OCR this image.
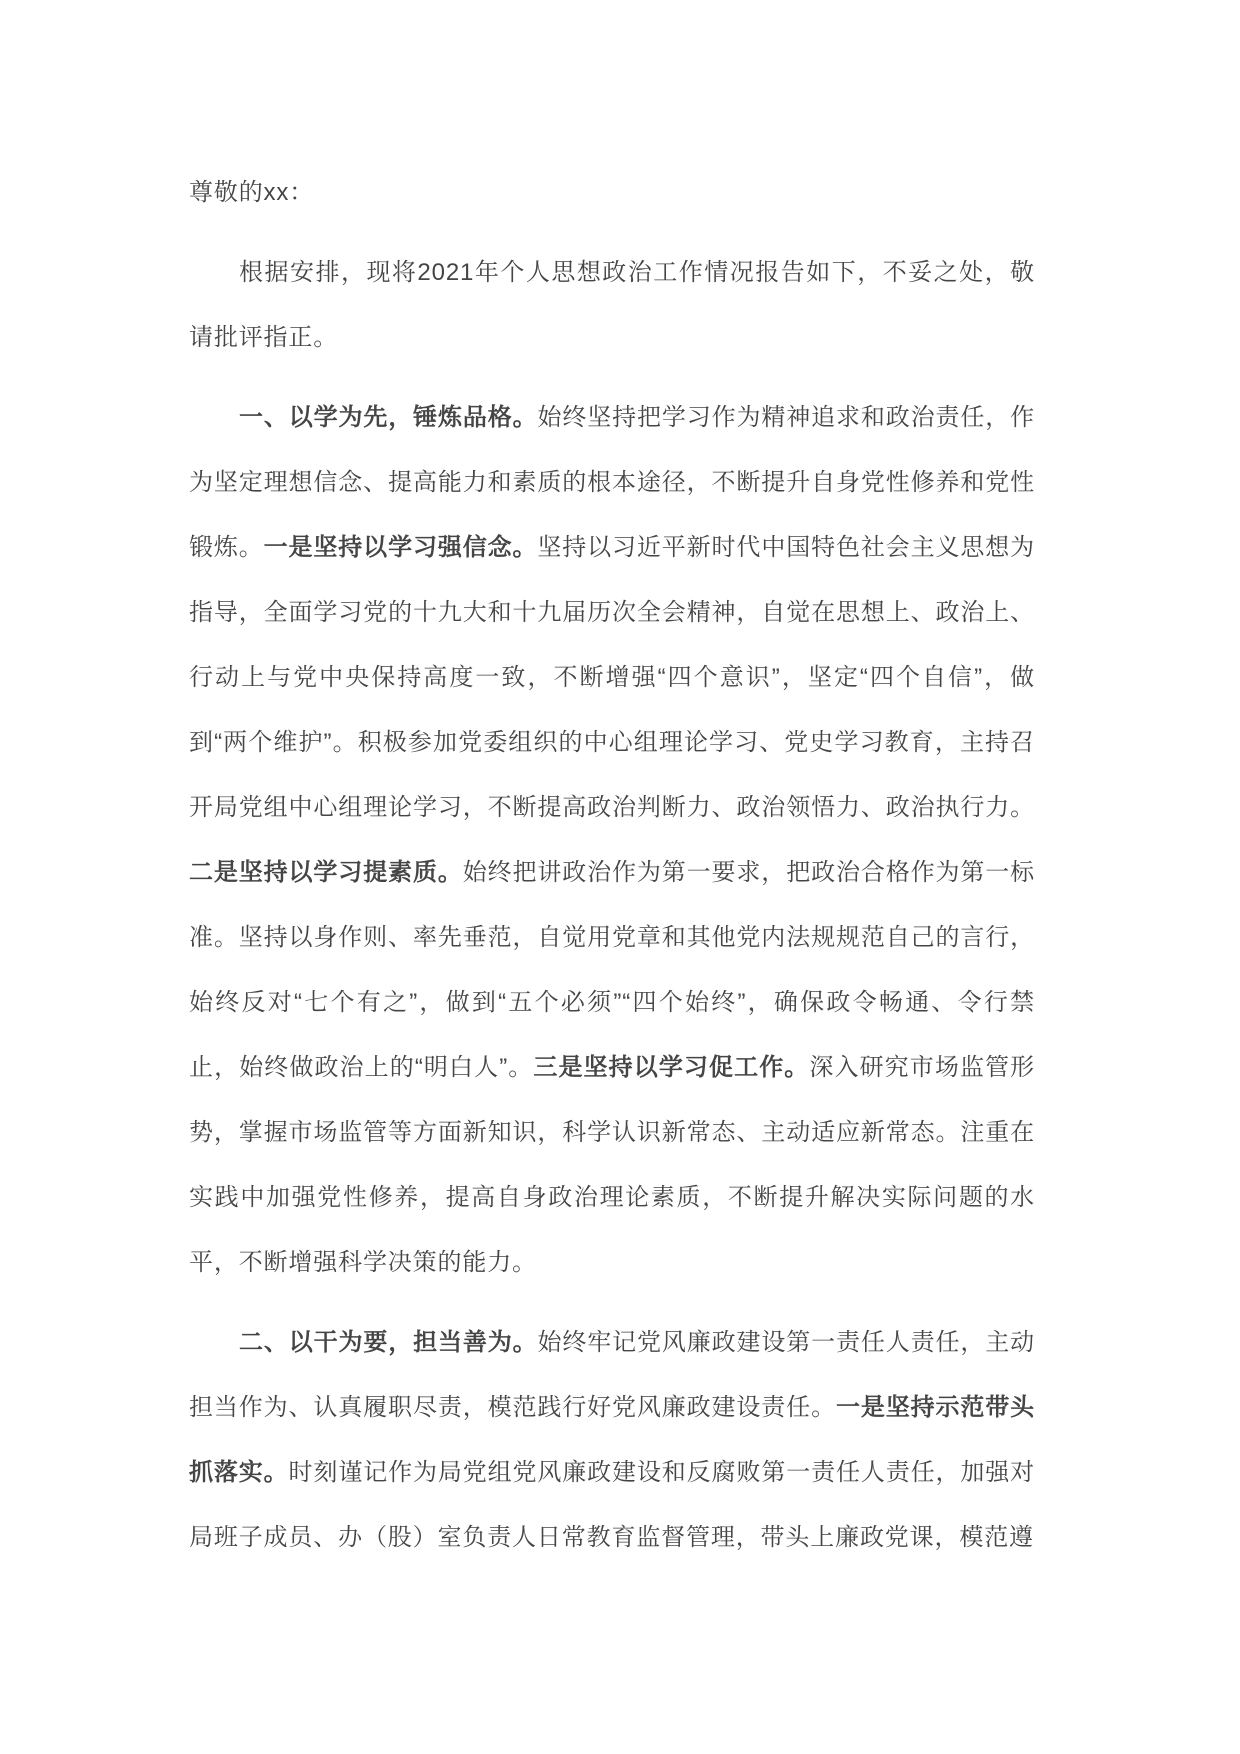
尊敬的xx：

根据安排，现将2021年个人思想政治工作情况报告如下，不妥之处，敬请批评指正。

一、以学为先，锤炼品格。始终坚持把学习作为精神追求和政治责任，作为坚定理想信念、提高能力和素质的根本途径，不断提升自身党性修养和党性锻炼。一是坚持以学习强信念。坚持以习近平新时代中国特色社会主义思想为指导，全面学习党的十九大和十九届历次全会精神，自觉在思想上、政治上、行动上与党中央保持高度一致，不断增强“四个意识”，坚定“四个自信”，做到“两个维护”。积极参加党委组织的中心组理论学习、党史学习教育，主持召开局党组中心组理论学习，不断提高政治判断力、政治领悟力、政治执行力。二是坚持以学习提素质。始终把讲政治作为第一要求，把政治合格作为第一标准。坚持以身作则、率先垂范，自觉用党章和其他党内法规规范自己的言行，始终反对“七个有之”，做到“五个必须”“四个始终”，确保政令畅通、令行禁止，始终做政治上的“明白人”。三是坚持以学习促工作。深入研究市场监管形势，掌握市场监管等方面新知识，科学认识新常态、主动适应新常态。注重在实践中加强党性修养，提高自身政治理论素质，不断提升解决实际问题的水平，不断增强科学决策的能力。

二、以干为要，担当善为。始终牢记党风廉政建设第一责任人责任，主动担当作为、认真履职尽责，模范践行好党风廉政建设责任。一是坚持示范带头抓落实。时刻谨记作为局党组党风廉政建设和反腐败第一责任人责任，加强对局班子成员、办（股）室负责人日常教育监督管理，带头上廉政党课，模范遵
